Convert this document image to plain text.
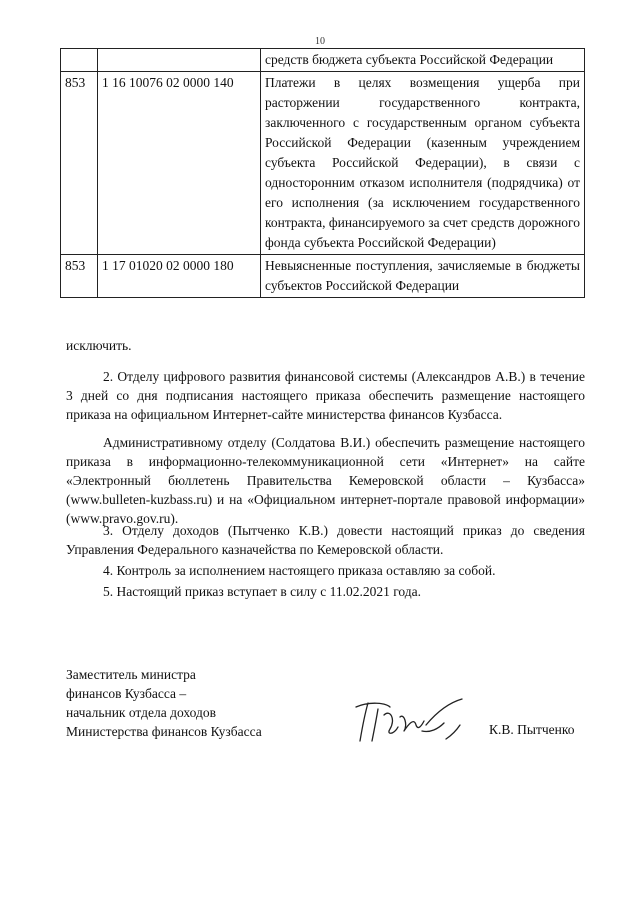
10
		средств бюджета субъекта Российской Федерации
853	1 16 10076 02 0000 140	Платежи в целях возмещения ущерба при расторжении государственного контракта, заключенного с государственным органом субъекта Российской Федерации (казенным учреждением субъекта Российской Федерации), в связи с односторонним отказом исполнителя (подрядчика) от его исполнения (за исключением государственного контракта, финансируемого за счет средств дорожного фонда субъекта Российской Федерации)
853	1 17 01020 02 0000 180	Невыясненные поступления, зачисляемые в бюджеты субъектов Российской Федерации
исключить.
2. Отделу цифрового развития финансовой системы (Александров А.В.) в течение 3 дней со дня подписания настоящего приказа обеспечить размещение настоящего приказа на официальном Интернет-сайте министерства финансов Кузбасса.
Административному отделу (Солдатова В.И.) обеспечить размещение настоящего приказа в информационно-телекоммуникационной сети «Интернет» на сайте «Электронный бюллетень Правительства Кемеровской области – Кузбасса» (www.bulleten-kuzbass.ru) и на «Официальном интернет-портале правовой информации» (www.pravo.gov.ru).
3. Отделу доходов (Пытченко К.В.) довести настоящий приказ до сведения Управления Федерального казначейства по Кемеровской области.
4. Контроль за исполнением настоящего приказа оставляю за собой.
5. Настоящий приказ вступает в силу с 11.02.2021 года.
Заместитель министра
финансов Кузбасса –
начальник отдела доходов
Министерства финансов Кузбасса	К.В. Пытченко
